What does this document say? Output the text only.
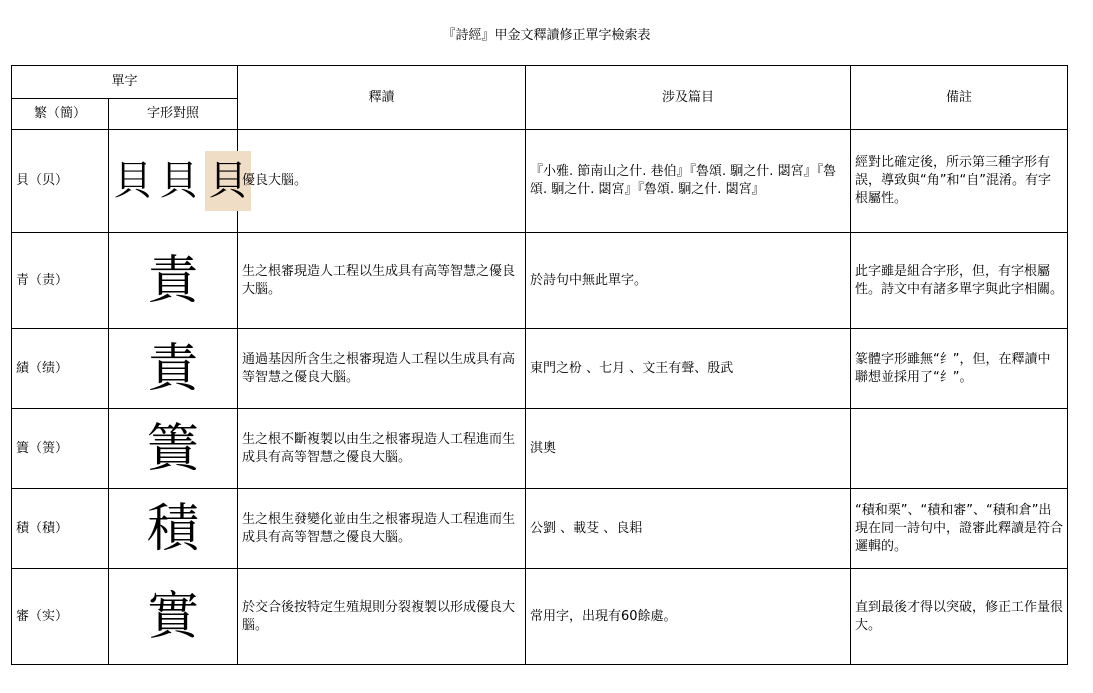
『詩經』甲金文釋讀修正單字檢索表
單字		釋讀	涉及篇目	備註
繁（簡）	字形對照			
貝（贝）	貝 貝 貝	優良大腦。	『小雅. 節南山之什. 巷伯』『魯頌. 駉之什. 閟宮』『魯頌. 駉之什. 閟宮』『魯頌. 駉之什. 閟宮』	經對比確定後，所示第三種字形有誤，導致與“角”和“自”混淆。有字根屬性。
青（责）	責	生之根審現造人工程以生成具有高等智慧之優良大腦。	於詩句中無此單字。	此字雖是組合字形，但，有字根屬性。詩文中有諸多單字與此字相關。
績（绩）	責	通過基因所含生之根審現造人工程以生成具有高等智慧之優良大腦。	東門之枌 、七月 、文王有聲、殷武	篆體字形雖無“纟”，但，在釋讀中聯想並採用了“纟”。
簀（箦）	簀	生之根不斷複製以由生之根審現造人工程進而生成具有高等智慧之優良大腦。	淇奧	
積（積）	積	生之根生發變化並由生之根審現造人工程進而生成具有高等智慧之優良大腦。	公劉 、載芟 、良耜	“積和栗”、“積和審”、“積和倉”出現在同一詩句中，證審此釋讀是符合邏輯的。
審（实）	實	於交合後按特定生殖規則分裂複製以形成優良大腦。	常用字，出現有60餘處。	直到最後才得以突破，修正工作量很大。
